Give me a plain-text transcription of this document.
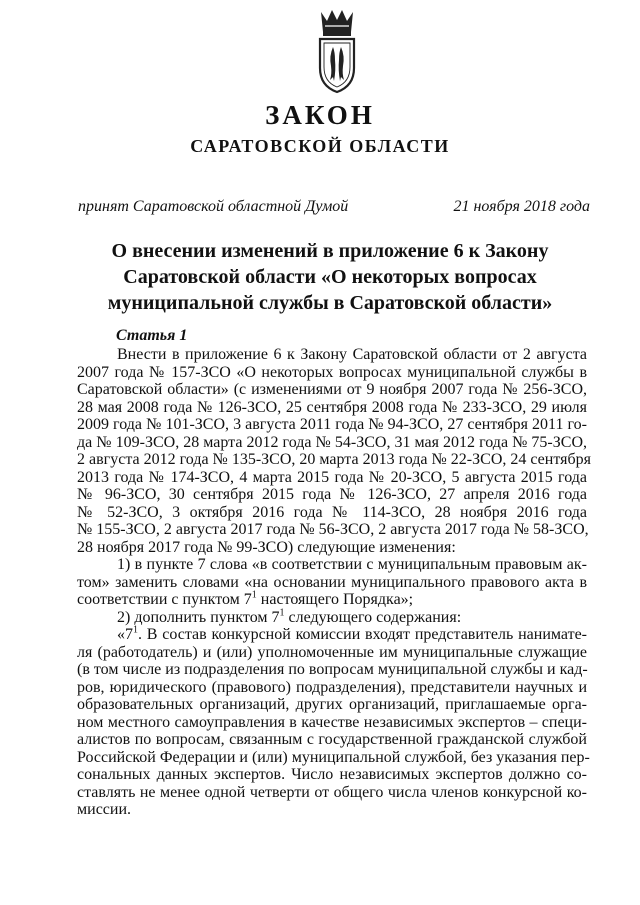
ЗАКОН
САРАТОВСКОЙ ОБЛАСТИ
принят Саратовской областной Думой	21 ноября 2018 года
О внесении изменений в приложение 6 к Закону
Саратовской области «О некоторых вопросах
муниципальной службы в Саратовской области»
Статья 1
Внести в приложение 6 к Закону Саратовской области от 2 августа
2007 года № 157-ЗСО «О некоторых вопросах муниципальной службы в
Саратовской области» (с изменениями от 9 ноября 2007 года № 256-ЗСО,
28 мая 2008 года № 126-ЗСО, 25 сентября 2008 года № 233-ЗСО, 29 июля
2009 года № 101-ЗСО, 3 августа 2011 года № 94-ЗСО, 27 сентября 2011 го-
да № 109-ЗСО, 28 марта 2012 года № 54-ЗСО, 31 мая 2012 года № 75-ЗСО,
2 августа 2012 года № 135-ЗСО, 20 марта 2013 года № 22-ЗСО, 24 сентября
2013 года № 174-ЗСО, 4 марта 2015 года № 20-ЗСО, 5 августа 2015 года
№ 96-ЗСО, 30 сентября 2015 года № 126-ЗСО, 27 апреля 2016 года
№ 52-ЗСО, 3 октября 2016 года № 114-ЗСО, 28 ноября 2016 года
№ 155-ЗСО, 2 августа 2017 года № 56-ЗСО, 2 августа 2017 года № 58-ЗСО,
28 ноября 2017 года № 99-ЗСО) следующие изменения:
1) в пункте 7 слова «в соответствии с муниципальным правовым ак-
том» заменить словами «на основании муниципального правового акта в
соответствии с пунктом $7^1$ настоящего Порядка»;
2) дополнить пунктом $7^1$ следующего содержания:
«$7^1$. В состав конкурсной комиссии входят представитель нанимате-
ля (работодатель) и (или) уполномоченные им муниципальные служащие
(в том числе из подразделения по вопросам муниципальной службы и кад-
ров, юридического (правового) подразделения), представители научных и
образовательных организаций, других организаций, приглашаемые орга-
ном местного самоуправления в качестве независимых экспертов – специ-
алистов по вопросам, связанным с государственной гражданской службой
Российской Федерации и (или) муниципальной службой, без указания пер-
сональных данных экспертов. Число независимых экспертов должно со-
ставлять не менее одной четверти от общего числа членов конкурсной ко-
миссии.
